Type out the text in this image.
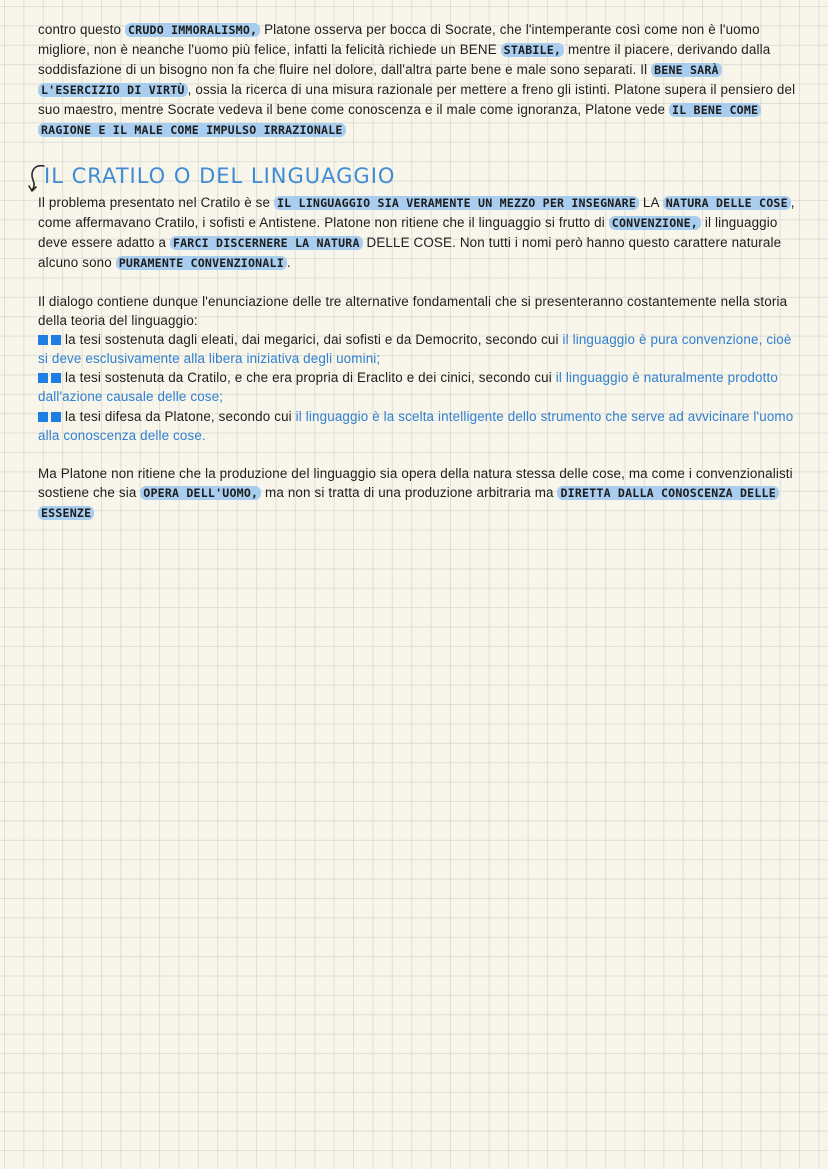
contro questo CRUDO IMMORALISMO, Platone osserva per bocca di Socrate, che l'intemperante così come non è l'uomo migliore, non è neanche l'uomo più felice, infatti la felicità richiede un BENE STABILE, mentre il piacere, derivando dalla soddisfazione di un bisogno non fa che fluire nel dolore, dall'altra parte bene e male sono separati. Il BENE SARÀ L'ESERCIZIO DI VIRTÙ , ossia la ricerca di una misura razionale per mettere a freno gli istinti. Platone supera il pensiero del suo maestro, mentre Socrate vedeva il bene come conoscenza e il male come ignoranza, Platone vede IL BENE COME RAGIONE E IL MALE COME IMPULSO IRRAZIONALE

IL CRATILO O DEL LINGUAGGIO

Il problema presentato nel Cratilo è se IL LINGUAGGIO SIA VERAMENTE UN MEZZO PER INSEGNARE LA NATURA DELLE COSE , come affermavano Cratilo, i sofisti e Antistene. Platone non ritiene che il linguaggio si frutto di CONVENZIONE, il linguaggio deve essere adatto a FARCI DISCERNERE LA NATURA DELLE COSE. Non tutti i nomi però hanno questo carattere naturale alcuno sono PURAMENTE CONVENZIONALI .

Il dialogo contiene dunque l'enunciazione delle tre alternative fondamentali che si presenteranno costantemente nella storia della teoria del linguaggio:

la tesi sostenuta dagli eleati, dai megarici, dai sofisti e da Democrito, secondo cui il linguaggio è pura convenzione, cioè si deve esclusivamente alla libera iniziativa degli uomini;

la tesi sostenuta da Cratilo, e che era propria di Eraclito e dei cinici, secondo cui il linguaggio è naturalmente prodotto dall'azione causale delle cose;

la tesi difesa da Platone, secondo cui il linguaggio è la scelta intelligente dello strumento che serve ad avvicinare l'uomo alla conoscenza delle cose.

Ma Platone non ritiene che la produzione del linguaggio sia opera della natura stessa delle cose, ma come i convenzionalisti sostiene che sia OPERA DELL'UOMO, ma non si tratta di una produzione arbitraria ma DIRETTA DALLA CONOSCENZA DELLE ESSENZE
